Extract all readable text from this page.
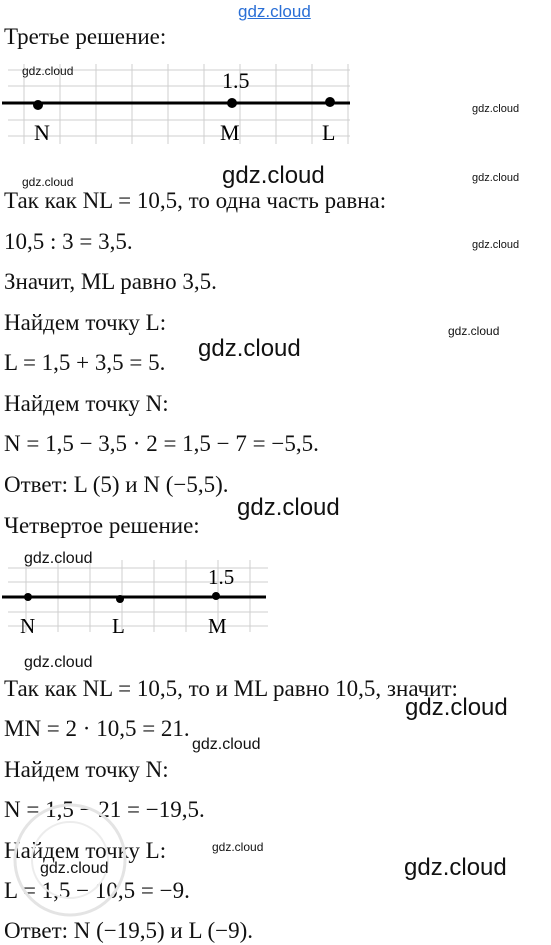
gdz.cloud
Третье решение:
1.5
N	M	L
Так как NL = 10,5, то одна часть равна:
10,5 : 3 = 3,5.
Значит, ML равно 3,5.
Найдем точку L:
L = 1,5 + 3,5 = 5.
Найдем точку N:
N = 1,5 − 3,5 · 2 = 1,5 − 7 = −5,5.
Ответ: L (5) и N (−5,5).
Четвертое решение:
1.5
N	L	M
Так как NL = 10,5, то и ML равно 10,5, значит:
MN = 2 · 10,5 = 21.
Найдем точку N:
N = 1,5 − 21 = −19,5.
Найдем точку L:
L = 1,5 − 10,5 = −9.
Ответ: N (−19,5) и L (−9).
gdz.cloud
gdz.cloud
gdz.cloud
gdz.cloud	gdz.cloud
gdz.cloud
gdz.cloud
gdz.cloud
gdz.cloud
gdz.cloud
gdz.cloud
gdz.cloud
gdz.cloud
gdz.cloud
gdz.cloud	gdz.cloud
